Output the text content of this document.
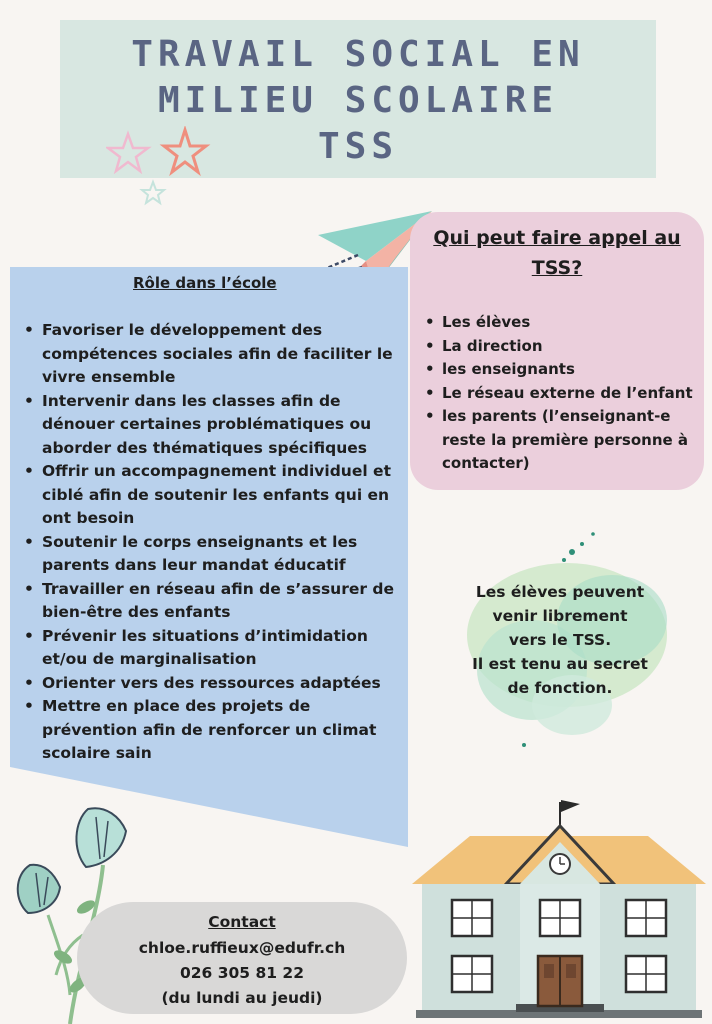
TRAVAIL SOCIAL EN
MILIEU SCOLAIRE
TSS
Rôle dans l’école
• Favoriser le développement des compétences sociales afin de faciliter le vivre ensemble
• Intervenir dans les classes afin de dénouer certaines problématiques ou aborder des thématiques spécifiques
• Offrir un accompagnement individuel et ciblé afin de soutenir les enfants qui en ont besoin
• Soutenir le corps enseignants et les parents dans leur mandat éducatif
• Travailler en réseau afin de s’assurer de bien-être des enfants
• Prévenir les situations d’intimidation et/ou de marginalisation
• Orienter vers des ressources adaptées
• Mettre en place des projets de prévention afin de renforcer un climat scolaire sain
Qui peut faire appel au TSS?
• Les élèves
• La direction
• les enseignants
• Le réseau externe de l’enfant
• les parents (l’enseignant-e reste la première personne à contacter)
Les élèves peuvent
venir librement
vers le TSS.
Il est tenu au secret
de fonction.
Contact
chloe.ruffieux@edufr.ch
026 305 81 22
(du lundi au jeudi)
